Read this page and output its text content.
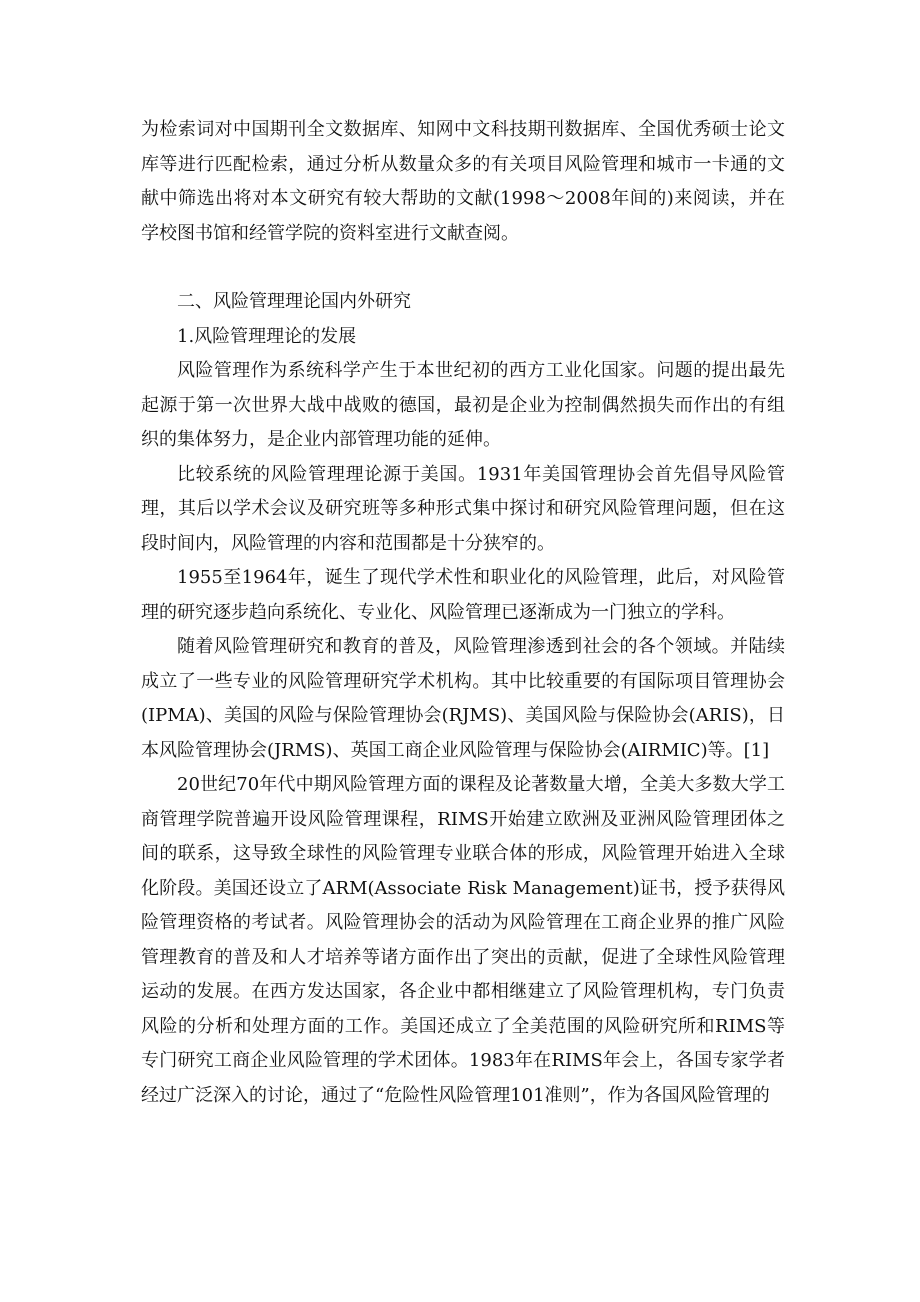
为检索词对中国期刊全文数据库、知网中文科技期刊数据库、全国优秀硕士论文库等进行匹配检索，通过分析从数量众多的有关项目风险管理和城市一卡通的文献中筛选出将对本文研究有较大帮助的文献(1998～2008年间的)来阅读，并在学校图书馆和经管学院的资料室进行文献查阅。

二、风险管理理论国内外研究

1.风险管理理论的发展

风险管理作为系统科学产生于本世纪初的西方工业化国家。问题的提出最先起源于第一次世界大战中战败的德国，最初是企业为控制偶然损失而作出的有组织的集体努力，是企业内部管理功能的延伸。

比较系统的风险管理理论源于美国。1931年美国管理协会首先倡导风险管理，其后以学术会议及研究班等多种形式集中探讨和研究风险管理问题，但在这段时间内，风险管理的内容和范围都是十分狭窄的。

1955至1964年，诞生了现代学术性和职业化的风险管理，此后，对风险管理的研究逐步趋向系统化、专业化、风险管理已逐渐成为一门独立的学科。

随着风险管理研究和教育的普及，风险管理渗透到社会的各个领域。并陆续成立了一些专业的风险管理研究学术机构。其中比较重要的有国际项目管理协会(IPMA)、美国的风险与保险管理协会(RJMS)、美国风险与保险协会(ARIS)，日本风险管理协会(JRMS)、英国工商企业风险管理与保险协会(AIRMIC)等。[1]

20世纪70年代中期风险管理方面的课程及论著数量大增，全美大多数大学工商管理学院普遍开设风险管理课程，RIMS开始建立欧洲及亚洲风险管理团体之间的联系，这导致全球性的风险管理专业联合体的形成，风险管理开始进入全球化阶段。美国还设立了ARM(Associate Risk Management)证书，授予获得风险管理资格的考试者。风险管理协会的活动为风险管理在工商企业界的推广风险管理教育的普及和人才培养等诸方面作出了突出的贡献，促进了全球性风险管理运动的发展。在西方发达国家，各企业中都相继建立了风险管理机构，专门负责风险的分析和处理方面的工作。美国还成立了全美范围的风险研究所和RIMS等专门研究工商企业风险管理的学术团体。1983年在RIMS年会上，各国专家学者经过广泛深入的讨论，通过了“危险性风险管理101准则”，作为各国风险管理的
